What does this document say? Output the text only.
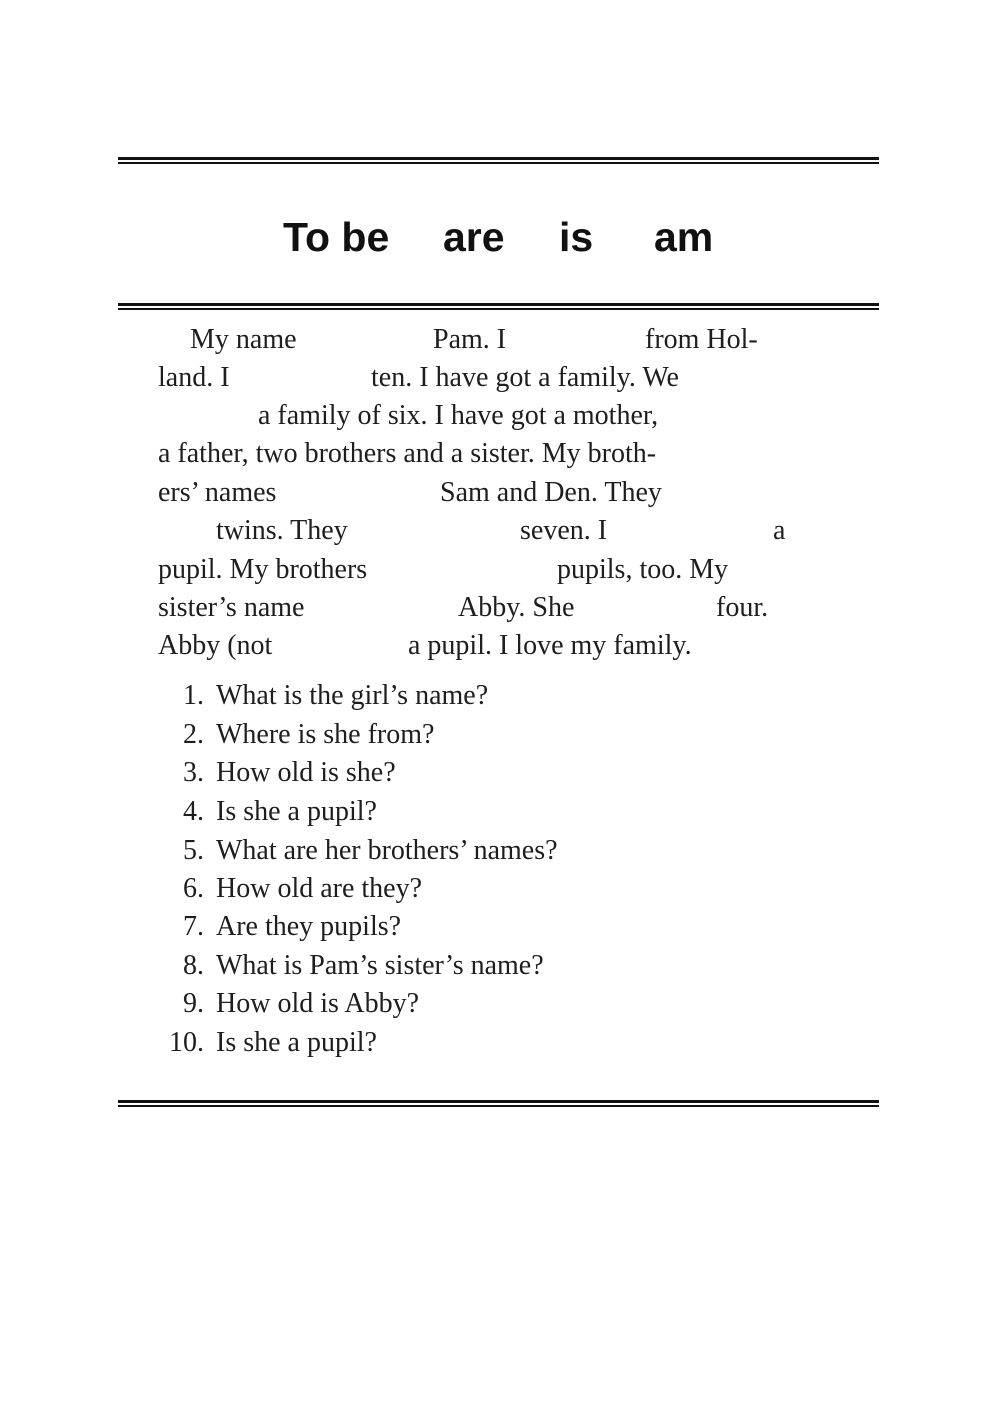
To be are is am
My name	Pam. I	from Hol-
land. I	ten. I have got a family. We
a family of six. I have got a mother,
a father, two brothers and a sister. My broth-
ers’ names	Sam and Den. They
twins. They	seven. I	a
pupil. My brothers	pupils, too. My
sister’s name	Abby. She	four.
Abby (not	a pupil. I love my family.
1. What is the girl’s name?
2. Where is she from?
3. How old is she?
4. Is she a pupil?
5. What are her brothers’ names?
6. How old are they?
7. Are they pupils?
8. What is Pam’s sister’s name?
9. How old is Abby?
10. Is she a pupil?
